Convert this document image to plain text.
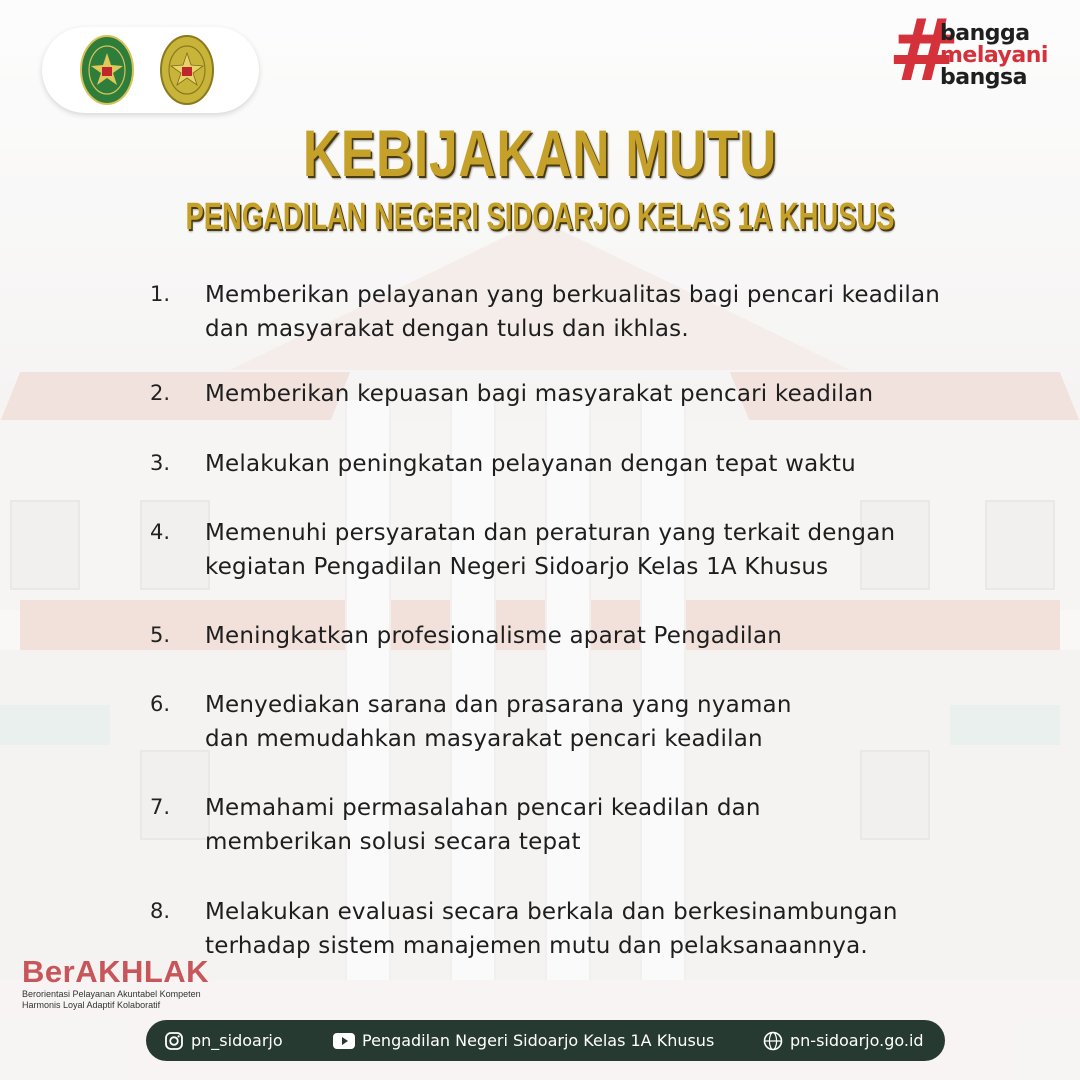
#
bangga
melayani
bangsa
KEBIJAKAN MUTU
PENGADILAN NEGERI SIDOARJO KELAS 1A KHUSUS
1.	Memberikan pelayanan yang berkualitas bagi pencari keadilan
dan masyarakat dengan tulus dan ikhlas.
2.	Memberikan kepuasan bagi masyarakat pencari keadilan
3.	Melakukan peningkatan pelayanan dengan tepat waktu
4.	Memenuhi persyaratan dan peraturan yang terkait dengan
kegiatan Pengadilan Negeri Sidoarjo Kelas 1A Khusus
5.	Meningkatkan profesionalisme aparat Pengadilan
6.	Menyediakan sarana dan prasarana yang nyaman
dan memudahkan masyarakat pencari keadilan
7.	Memahami permasalahan pencari keadilan dan
memberikan solusi secara tepat
8.	Melakukan evaluasi secara berkala dan berkesinambungan
terhadap sistem manajemen mutu dan pelaksanaannya.
BerAKHLAK
Berorientasi Pelayanan Akuntabel Kompeten
Harmonis Loyal Adaptif Kolaboratif
pn_sidoarjo	Pengadilan Negeri Sidoarjo Kelas 1A Khusus	pn-sidoarjo.go.id
